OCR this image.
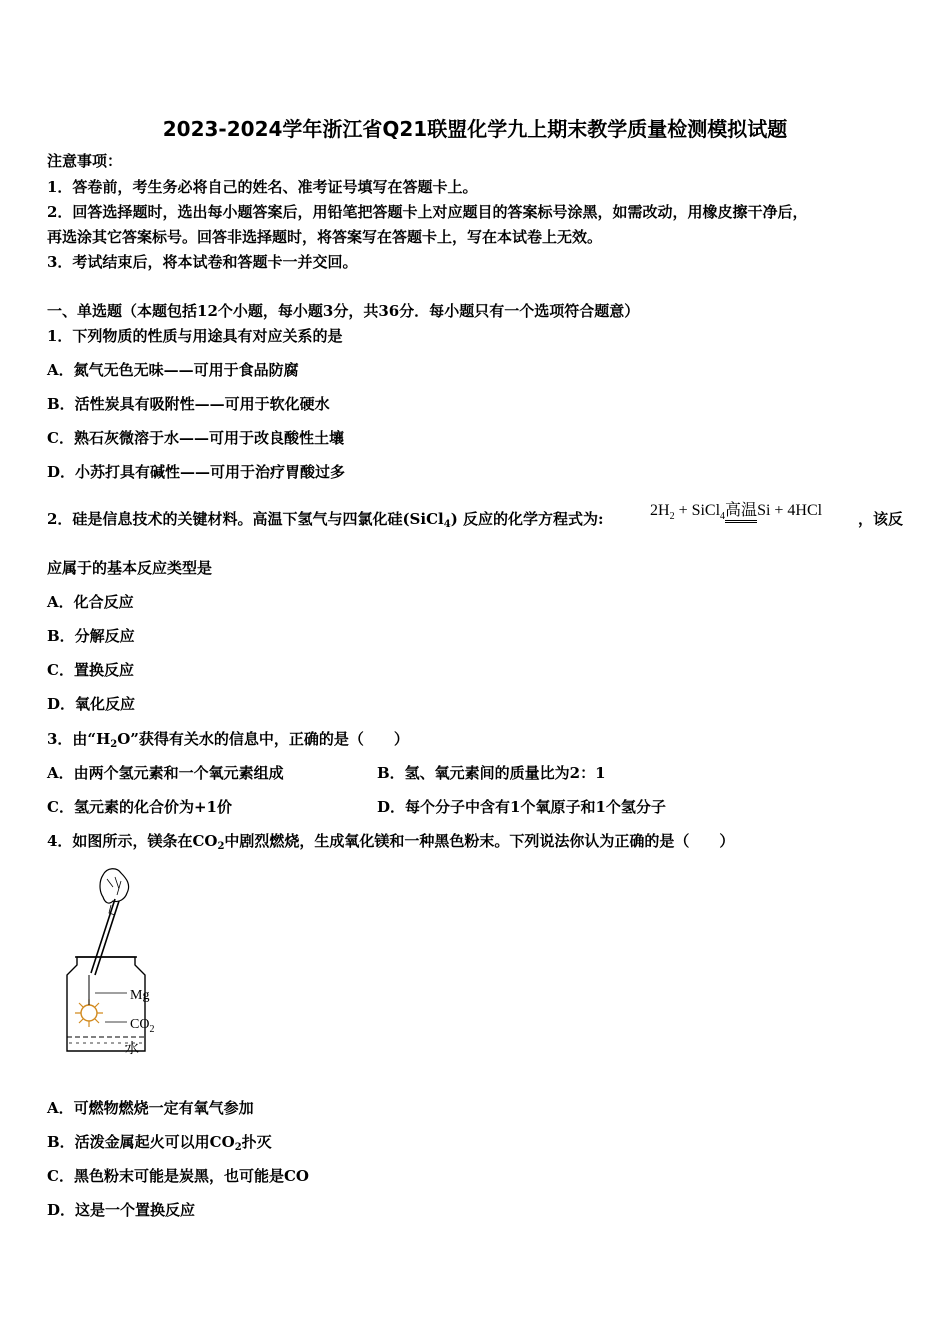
2023-2024学年浙江省Q21联盟化学九上期末教学质量检测模拟试题
注意事项：
1．答卷前，考生务必将自己的姓名、准考证号填写在答题卡上。
2．回答选择题时，选出每小题答案后，用铅笔把答题卡上对应题目的答案标号涂黑，如需改动，用橡皮擦干净后，
再选涂其它答案标号。回答非选择题时，将答案写在答题卡上，写在本试卷上无效。
3．考试结束后，将本试卷和答题卡一并交回。
一、单选题（本题包括12个小题，每小题3分，共36分．每小题只有一个选项符合题意）
1．下列物质的性质与用途具有对应关系的是
A．氮气无色无味——可用于食品防腐
B．活性炭具有吸附性——可用于软化硬水
C．熟石灰微溶于水——可用于改良酸性土壤
D．小苏打具有碱性——可用于治疗胃酸过多
2．硅是信息技术的关键材料。高温下氢气与四氯化硅(SiCl$_4$) 反应的化学方程式为:	$2H_2$ + SiCl$_4$高温Si + 4HCl ，该反
应属于的基本反应类型是
A．化合反应
B．分解反应
C．置换反应
D．氧化反应
3．由“$H_2O$”获得有关水的信息中，正确的是（　　）
A．由两个氢元素和一个氧元素组成	B．氢、氧元素间的质量比为2：1
C．氢元素的化合价为+1价	D．每个分子中含有1个氧原子和1个氢分子
4．如图所示，镁条在$CO_2$中剧烈燃烧，生成氧化镁和一种黑色粉末。下列说法你认为正确的是（　　）
Mg
$CO_2$
水
A．可燃物燃烧一定有氧气参加
B．活泼金属起火可以用$CO_2$扑灭
C．黑色粉末可能是炭黑，也可能是CO
D．这是一个置换反应
